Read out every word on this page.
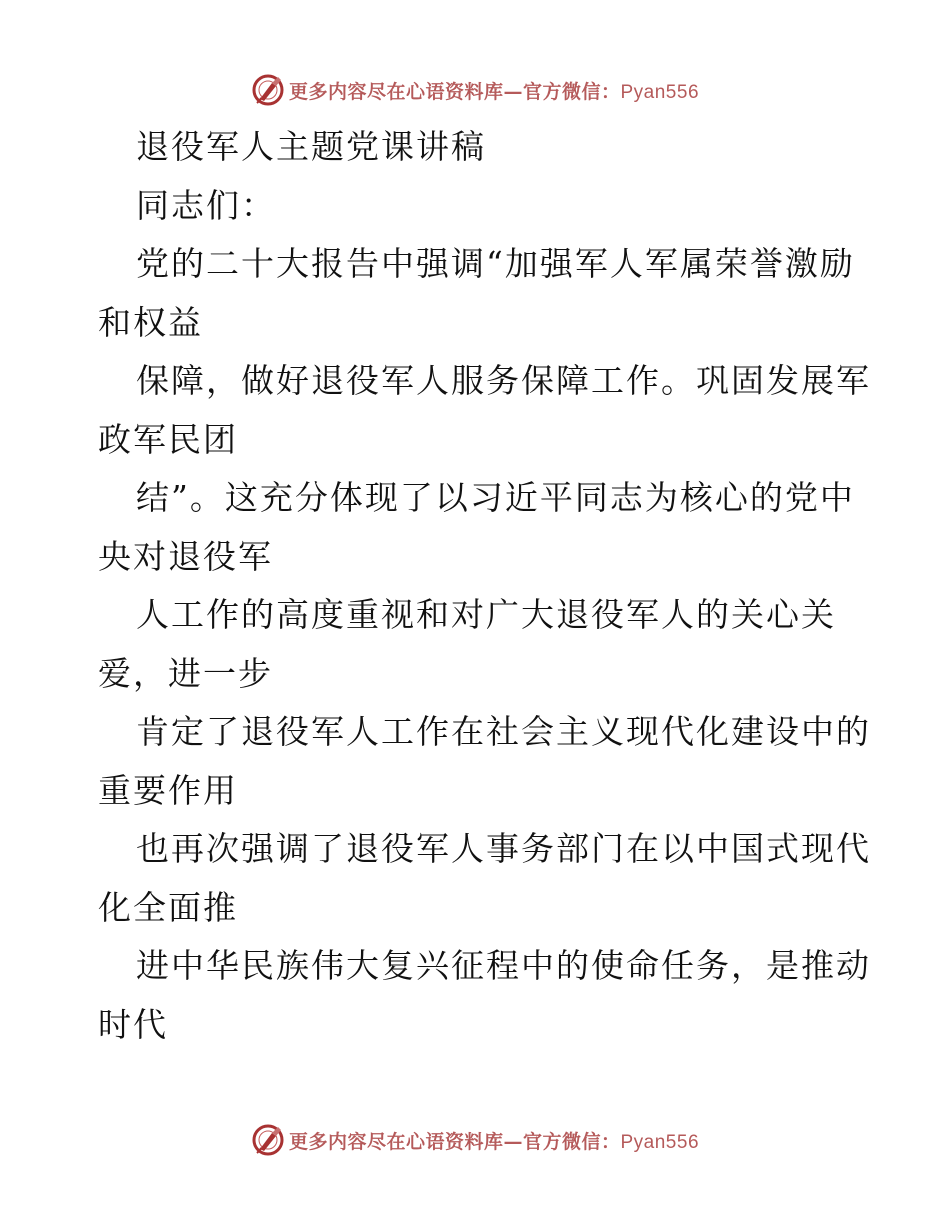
更多内容尽在心语资料库—官方微信：Pyan556
退役军人主题党课讲稿
同志们：
党的二十大报告中强调“加强军人军属荣誉激励
和权益
保障，做好退役军人服务保障工作。巩固发展军
政军民团
结”。这充分体现了以习近平同志为核心的党中
央对退役军
人工作的高度重视和对广大退役军人的关心关
爱，进一步
肯定了退役军人工作在社会主义现代化建设中的
重要作用
也再次强调了退役军人事务部门在以中国式现代
化全面推
进中华民族伟大复兴征程中的使命任务，是推动
时代
更多内容尽在心语资料库—官方微信：Pyan556
